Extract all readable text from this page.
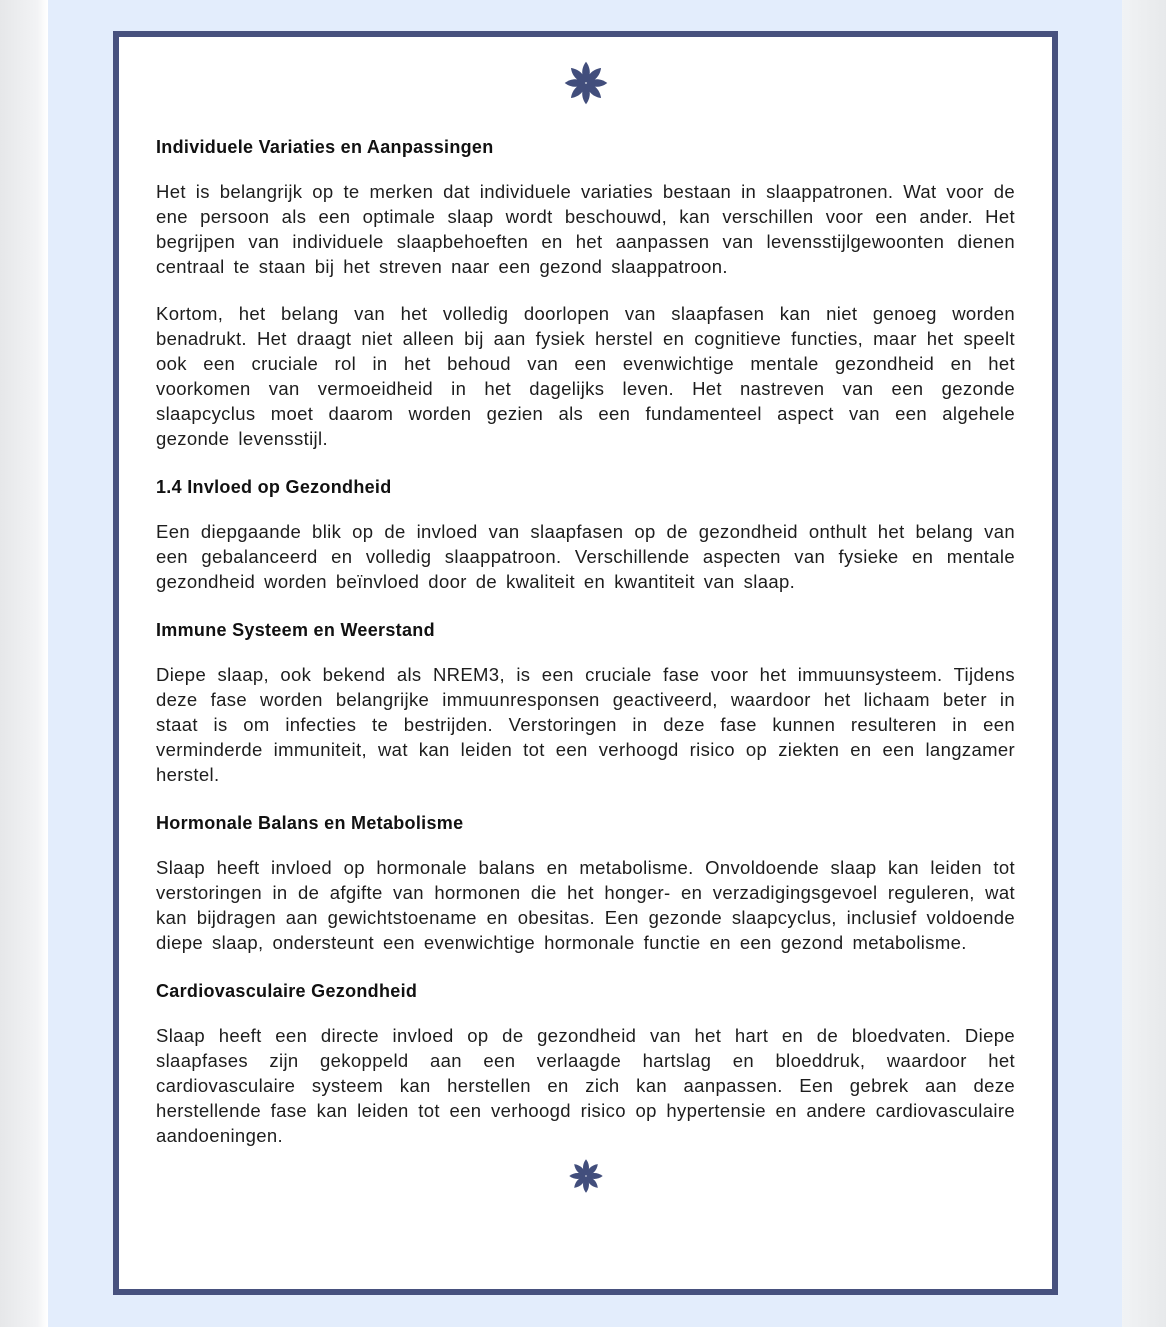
Individuele Variaties en Aanpassingen

Het is belangrijk op te merken dat individuele variaties bestaan in slaappatronen. Wat voor de ene persoon als een optimale slaap wordt beschouwd, kan verschillen voor een ander. Het begrijpen van individuele slaapbehoeften en het aanpassen van levensstijlgewoonten dienen centraal te staan bij het streven naar een gezond slaappatroon.

Kortom, het belang van het volledig doorlopen van slaapfasen kan niet genoeg worden benadrukt. Het draagt niet alleen bij aan fysiek herstel en cognitieve functies, maar het speelt ook een cruciale rol in het behoud van een evenwichtige mentale gezondheid en het voorkomen van vermoeidheid in het dagelijks leven. Het nastreven van een gezonde slaapcyclus moet daarom worden gezien als een fundamenteel aspect van een algehele gezonde levensstijl.

1.4 Invloed op Gezondheid

Een diepgaande blik op de invloed van slaapfasen op de gezondheid onthult het belang van een gebalanceerd en volledig slaappatroon. Verschillende aspecten van fysieke en mentale gezondheid worden beïnvloed door de kwaliteit en kwantiteit van slaap.

Immune Systeem en Weerstand

Diepe slaap, ook bekend als NREM3, is een cruciale fase voor het immuunsysteem. Tijdens deze fase worden belangrijke immuunresponsen geactiveerd, waardoor het lichaam beter in staat is om infecties te bestrijden. Verstoringen in deze fase kunnen resulteren in een verminderde immuniteit, wat kan leiden tot een verhoogd risico op ziekten en een langzamer herstel.

Hormonale Balans en Metabolisme

Slaap heeft invloed op hormonale balans en metabolisme. Onvoldoende slaap kan leiden tot verstoringen in de afgifte van hormonen die het honger- en verzadigingsgevoel reguleren, wat kan bijdragen aan gewichtstoename en obesitas. Een gezonde slaapcyclus, inclusief voldoende diepe slaap, ondersteunt een evenwichtige hormonale functie en een gezond metabolisme.

Cardiovasculaire Gezondheid

Slaap heeft een directe invloed op de gezondheid van het hart en de bloedvaten. Diepe slaapfases zijn gekoppeld aan een verlaagde hartslag en bloeddruk, waardoor het cardiovasculaire systeem kan herstellen en zich kan aanpassen. Een gebrek aan deze herstellende fase kan leiden tot een verhoogd risico op hypertensie en andere cardiovasculaire aandoeningen.
